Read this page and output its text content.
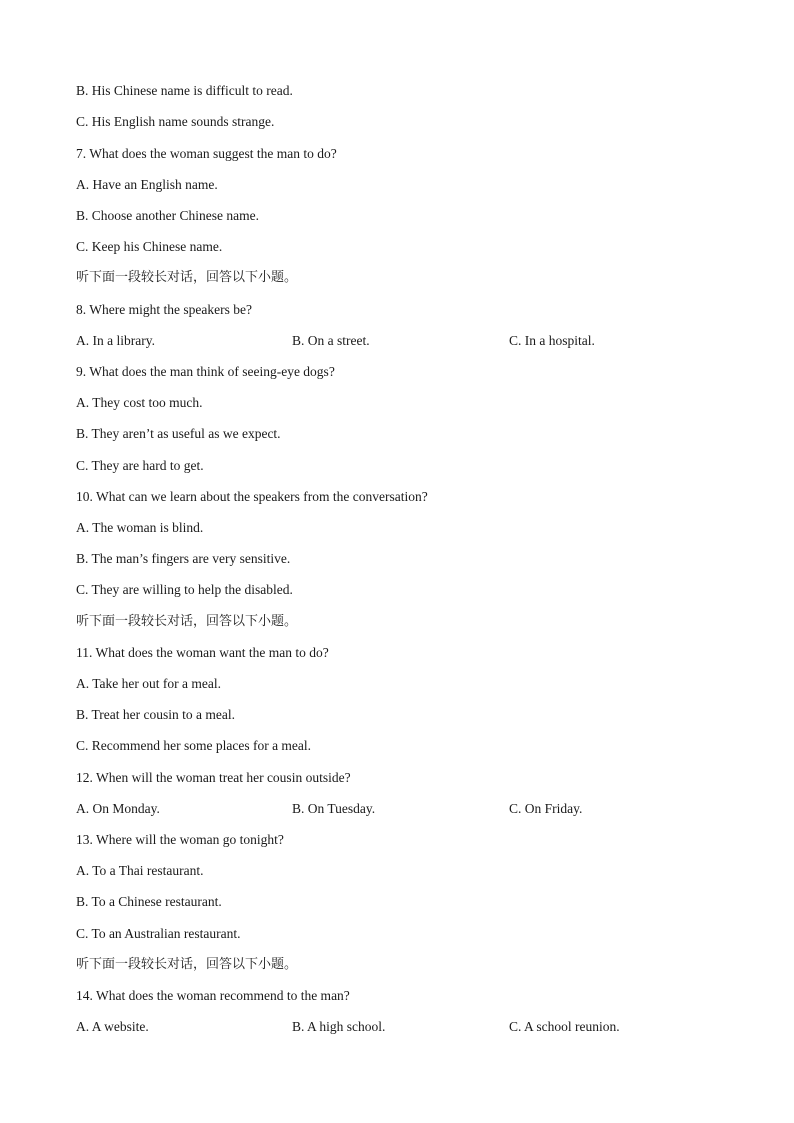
B. His Chinese name is difficult to read.
C. His English name sounds strange.
7. What does the woman suggest the man to do?
A. Have an English name.
B. Choose another Chinese name.
C. Keep his Chinese name.
听下面一段较长对话，回答以下小题。
8. Where might the speakers be?
A. In a library.	B. On a street.	C. In a hospital.
9. What does the man think of seeing-eye dogs?
A. They cost too much.
B. They aren’t as useful as we expect.
C. They are hard to get.
10. What can we learn about the speakers from the conversation?
A. The woman is blind.
B. The man’s fingers are very sensitive.
C. They are willing to help the disabled.
听下面一段较长对话，回答以下小题。
11. What does the woman want the man to do?
A. Take her out for a meal.
B. Treat her cousin to a meal.
C. Recommend her some places for a meal.
12. When will the woman treat her cousin outside?
A. On Monday.	B. On Tuesday.	C. On Friday.
13. Where will the woman go tonight?
A. To a Thai restaurant.
B. To a Chinese restaurant.
C. To an Australian restaurant.
听下面一段较长对话，回答以下小题。
14. What does the woman recommend to the man?
A. A website.	B. A high school.	C. A school reunion.
